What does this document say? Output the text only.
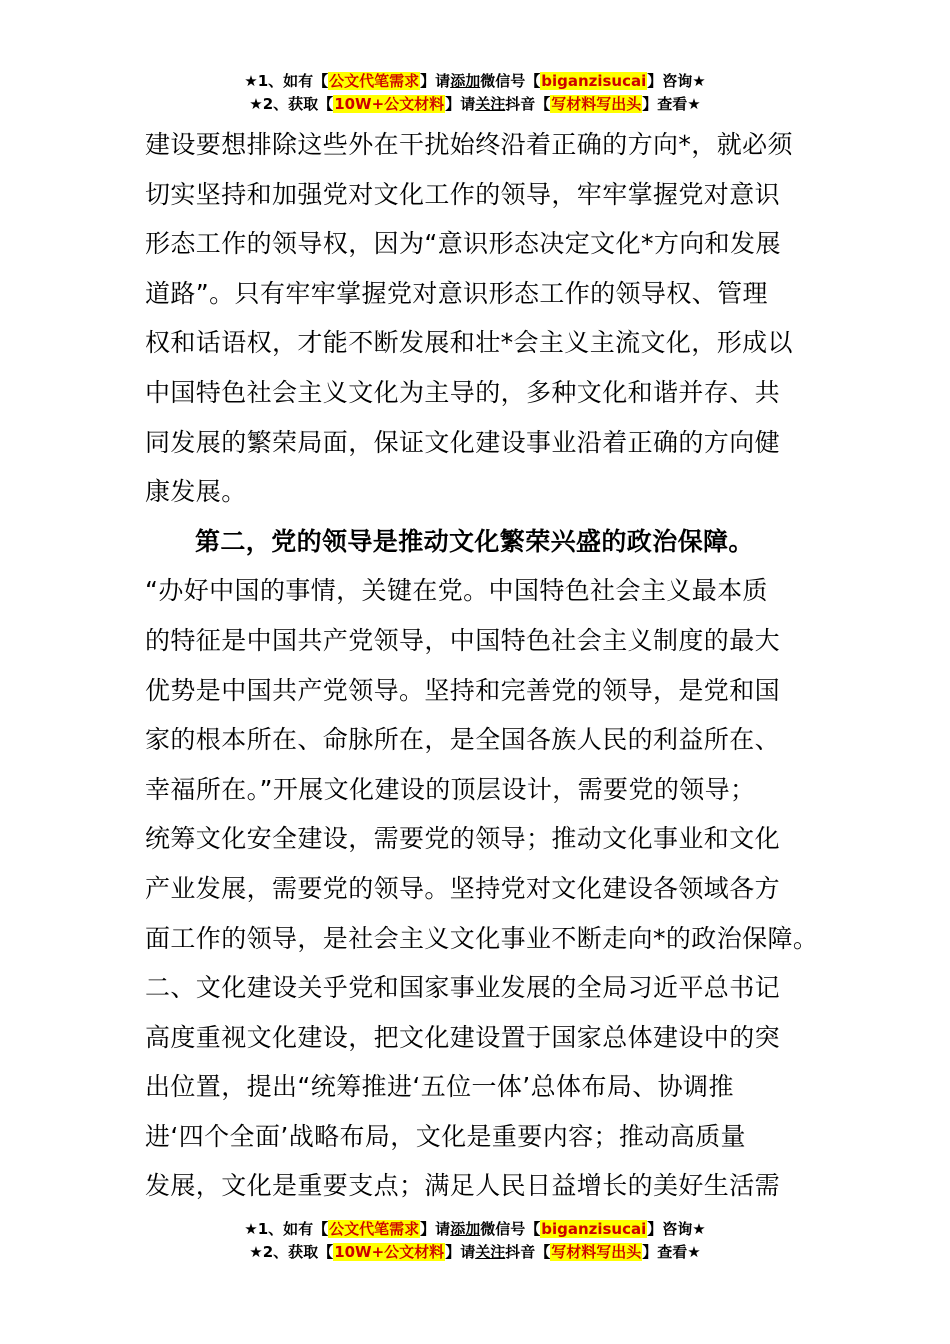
★1、如有【公文代笔需求】请添加微信号【biganzisucai】咨询★
★2、获取【10W+公文材料】请关注抖音【写材料写出头】查看★
建设要想排除这些外在干扰始终沿着正确的方向*，就必须
切实坚持和加强党对文化工作的领导，牢牢掌握党对意识
形态工作的领导权，因为“意识形态决定文化*方向和发展
道路”。只有牢牢掌握党对意识形态工作的领导权、管理
权和话语权，才能不断发展和壮*会主义主流文化，形成以
中国特色社会主义文化为主导的，多种文化和谐并存、共
同发展的繁荣局面，保证文化建设事业沿着正确的方向健
康发展。
第二，党的领导是推动文化繁荣兴盛的政治保障。
“办好中国的事情，关键在党。中国特色社会主义最本质
的特征是中国共产党领导，中国特色社会主义制度的最大
优势是中国共产党领导。坚持和完善党的领导，是党和国
家的根本所在、命脉所在，是全国各族人民的利益所在、
幸福所在。”开展文化建设的顶层设计，需要党的领导；
统筹文化安全建设，需要党的领导；推动文化事业和文化
产业发展，需要党的领导。坚持党对文化建设各领域各方
面工作的领导，是社会主义文化事业不断走向*的政治保障。
二、文化建设关乎党和国家事业发展的全局习近平总书记
高度重视文化建设，把文化建设置于国家总体建设中的突
出位置，提出“统筹推进‘五位一体’总体布局、协调推
进‘四个全面’战略布局，文化是重要内容；推动高质量
发展，文化是重要支点；满足人民日益增长的美好生活需
★1、如有【公文代笔需求】请添加微信号【biganzisucai】咨询★
★2、获取【10W+公文材料】请关注抖音【写材料写出头】查看★
